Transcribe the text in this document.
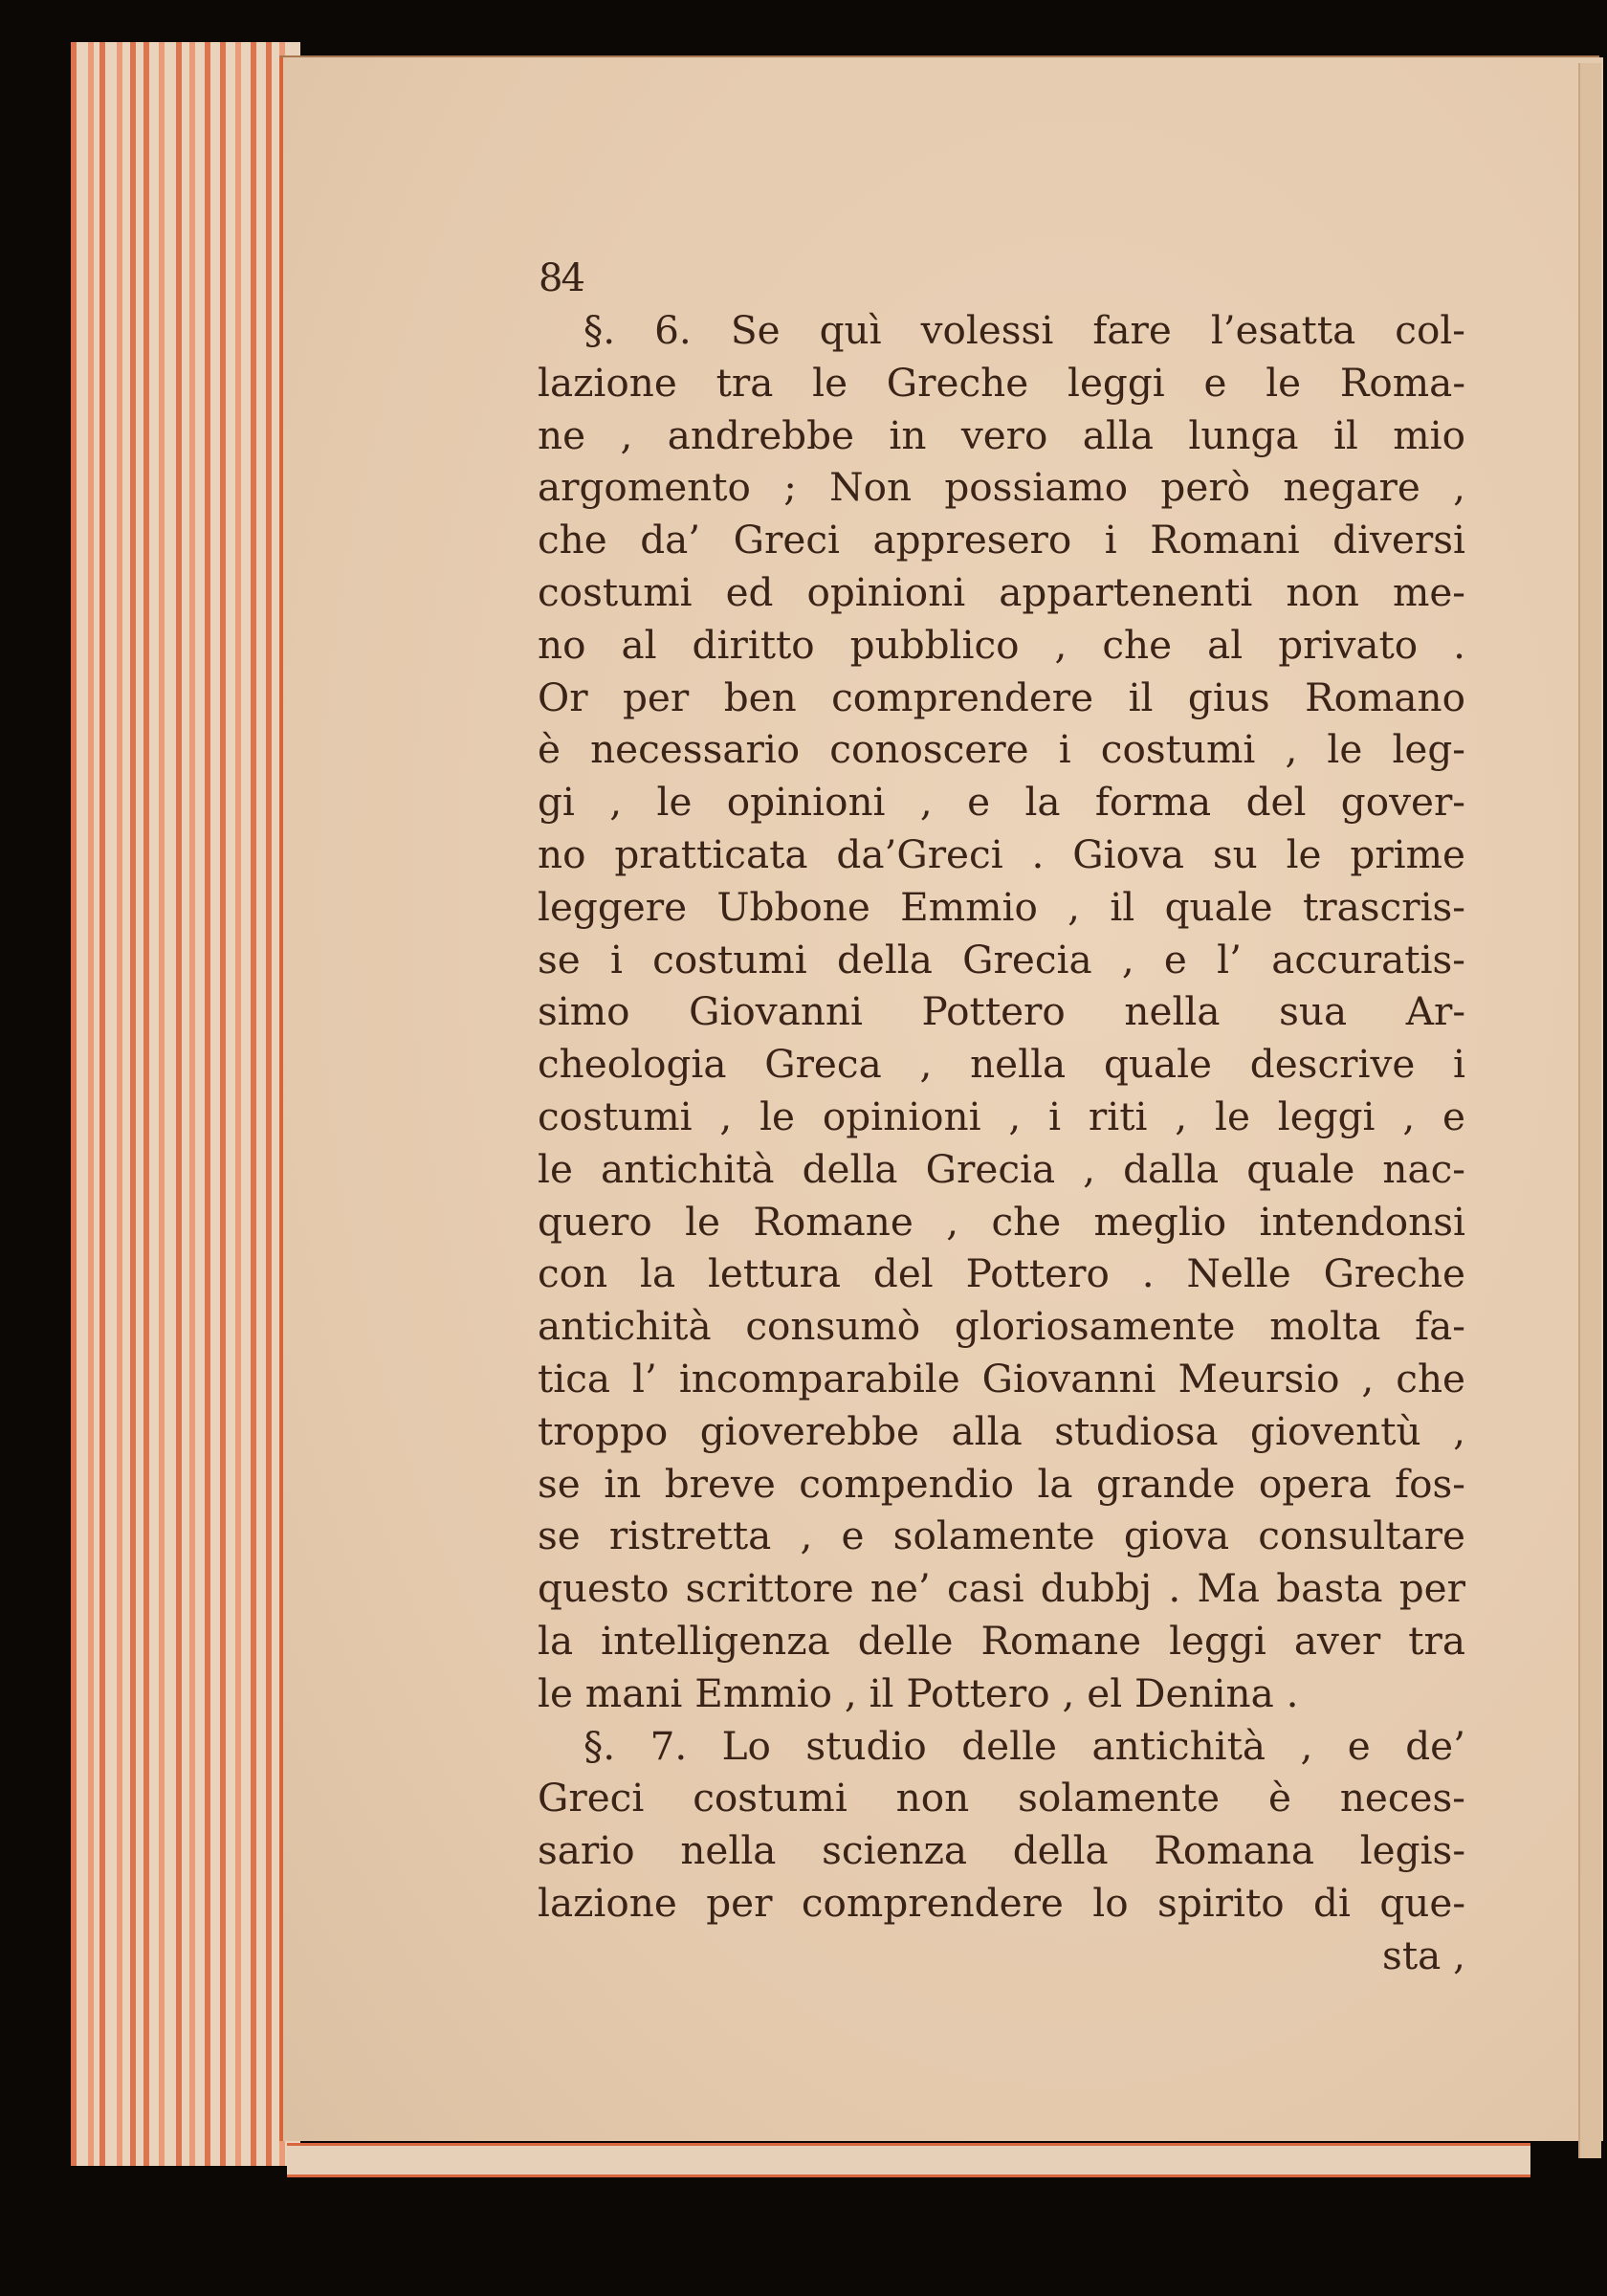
84
§. 6. Se quì volessi fare l’esatta col-
lazione tra le Greche leggi e le Roma-
ne , andrebbe in vero alla lunga il mio
argomento ; Non possiamo però negare ,
che da’ Greci appresero i Romani diversi
costumi ed opinioni appartenenti non me-
no al diritto pubblico , che al privato .
Or per ben comprendere il gius Romano
è necessario conoscere i costumi , le leg-
gi , le opinioni , e la forma del gover-
no pratticata da’Greci . Giova su le prime
leggere Ubbone Emmio , il quale trascris-
se i costumi della Grecia , e l’ accuratis-
simo Giovanni Pottero nella sua Ar-
cheologia Greca , nella quale descrive i
costumi , le opinioni , i riti , le leggi , e
le antichità della Grecia , dalla quale nac-
quero le Romane , che meglio intendonsi
con la lettura del Pottero . Nelle Greche
antichità consumò gloriosamente molta fa-
tica l’ incomparabile Giovanni Meursio , che
troppo gioverebbe alla studiosa gioventù ,
se in breve compendio la grande opera fos-
se ristretta , e solamente giova consultare
questo scrittore ne’ casi dubbj . Ma basta per
la intelligenza delle Romane leggi aver tra
le mani Emmio , il Pottero , el Denina .
§. 7. Lo studio delle antichità , e de’
Greci costumi non solamente è neces-
sario nella scienza della Romana legis-
lazione per comprendere lo spirito di que-
sta ,
